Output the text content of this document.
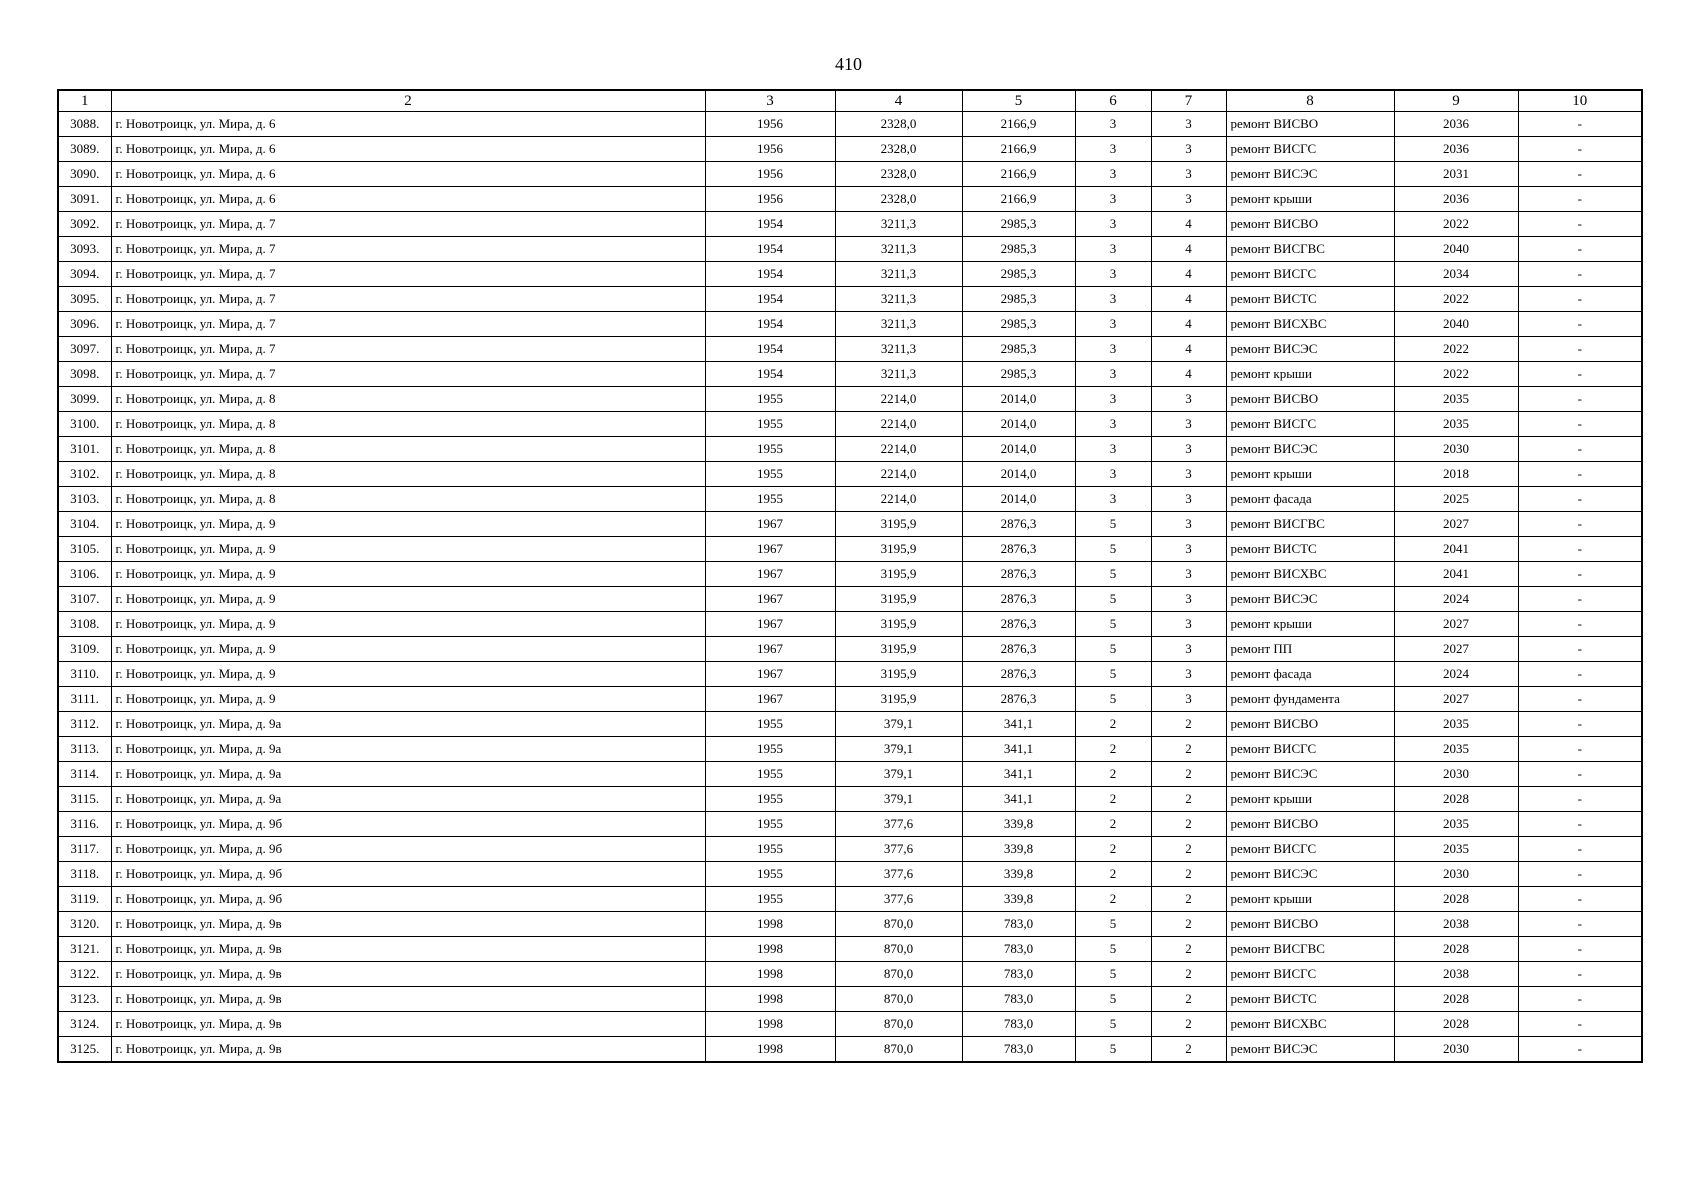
410
1	2	3	4	5	6	7	8	9	10
3088.	г. Новотроицк, ул. Мира, д. 6	1956	2328,0	2166,9	3	3	ремонт ВИСВО	2036	-
3089.	г. Новотроицк, ул. Мира, д. 6	1956	2328,0	2166,9	3	3	ремонт ВИСГС	2036	-
3090.	г. Новотроицк, ул. Мира, д. 6	1956	2328,0	2166,9	3	3	ремонт ВИСЭС	2031	-
3091.	г. Новотроицк, ул. Мира, д. 6	1956	2328,0	2166,9	3	3	ремонт крыши	2036	-
3092.	г. Новотроицк, ул. Мира, д. 7	1954	3211,3	2985,3	3	4	ремонт ВИСВО	2022	-
3093.	г. Новотроицк, ул. Мира, д. 7	1954	3211,3	2985,3	3	4	ремонт ВИСГВС	2040	-
3094.	г. Новотроицк, ул. Мира, д. 7	1954	3211,3	2985,3	3	4	ремонт ВИСГС	2034	-
3095.	г. Новотроицк, ул. Мира, д. 7	1954	3211,3	2985,3	3	4	ремонт ВИСТС	2022	-
3096.	г. Новотроицк, ул. Мира, д. 7	1954	3211,3	2985,3	3	4	ремонт ВИСХВС	2040	-
3097.	г. Новотроицк, ул. Мира, д. 7	1954	3211,3	2985,3	3	4	ремонт ВИСЭС	2022	-
3098.	г. Новотроицк, ул. Мира, д. 7	1954	3211,3	2985,3	3	4	ремонт крыши	2022	-
3099.	г. Новотроицк, ул. Мира, д. 8	1955	2214,0	2014,0	3	3	ремонт ВИСВО	2035	-
3100.	г. Новотроицк, ул. Мира, д. 8	1955	2214,0	2014,0	3	3	ремонт ВИСГС	2035	-
3101.	г. Новотроицк, ул. Мира, д. 8	1955	2214,0	2014,0	3	3	ремонт ВИСЭС	2030	-
3102.	г. Новотроицк, ул. Мира, д. 8	1955	2214,0	2014,0	3	3	ремонт крыши	2018	-
3103.	г. Новотроицк, ул. Мира, д. 8	1955	2214,0	2014,0	3	3	ремонт фасада	2025	-
3104.	г. Новотроицк, ул. Мира, д. 9	1967	3195,9	2876,3	5	3	ремонт ВИСГВС	2027	-
3105.	г. Новотроицк, ул. Мира, д. 9	1967	3195,9	2876,3	5	3	ремонт ВИСТС	2041	-
3106.	г. Новотроицк, ул. Мира, д. 9	1967	3195,9	2876,3	5	3	ремонт ВИСХВС	2041	-
3107.	г. Новотроицк, ул. Мира, д. 9	1967	3195,9	2876,3	5	3	ремонт ВИСЭС	2024	-
3108.	г. Новотроицк, ул. Мира, д. 9	1967	3195,9	2876,3	5	3	ремонт крыши	2027	-
3109.	г. Новотроицк, ул. Мира, д. 9	1967	3195,9	2876,3	5	3	ремонт ПП	2027	-
3110.	г. Новотроицк, ул. Мира, д. 9	1967	3195,9	2876,3	5	3	ремонт фасада	2024	-
3111.	г. Новотроицк, ул. Мира, д. 9	1967	3195,9	2876,3	5	3	ремонт фундамента	2027	-
3112.	г. Новотроицк, ул. Мира, д. 9а	1955	379,1	341,1	2	2	ремонт ВИСВО	2035	-
3113.	г. Новотроицк, ул. Мира, д. 9а	1955	379,1	341,1	2	2	ремонт ВИСГС	2035	-
3114.	г. Новотроицк, ул. Мира, д. 9а	1955	379,1	341,1	2	2	ремонт ВИСЭС	2030	-
3115.	г. Новотроицк, ул. Мира, д. 9а	1955	379,1	341,1	2	2	ремонт крыши	2028	-
3116.	г. Новотроицк, ул. Мира, д. 9б	1955	377,6	339,8	2	2	ремонт ВИСВО	2035	-
3117.	г. Новотроицк, ул. Мира, д. 9б	1955	377,6	339,8	2	2	ремонт ВИСГС	2035	-
3118.	г. Новотроицк, ул. Мира, д. 9б	1955	377,6	339,8	2	2	ремонт ВИСЭС	2030	-
3119.	г. Новотроицк, ул. Мира, д. 9б	1955	377,6	339,8	2	2	ремонт крыши	2028	-
3120.	г. Новотроицк, ул. Мира, д. 9в	1998	870,0	783,0	5	2	ремонт ВИСВО	2038	-
3121.	г. Новотроицк, ул. Мира, д. 9в	1998	870,0	783,0	5	2	ремонт ВИСГВС	2028	-
3122.	г. Новотроицк, ул. Мира, д. 9в	1998	870,0	783,0	5	2	ремонт ВИСГС	2038	-
3123.	г. Новотроицк, ул. Мира, д. 9в	1998	870,0	783,0	5	2	ремонт ВИСТС	2028	-
3124.	г. Новотроицк, ул. Мира, д. 9в	1998	870,0	783,0	5	2	ремонт ВИСХВС	2028	-
3125.	г. Новотроицк, ул. Мира, д. 9в	1998	870,0	783,0	5	2	ремонт ВИСЭС	2030	-
